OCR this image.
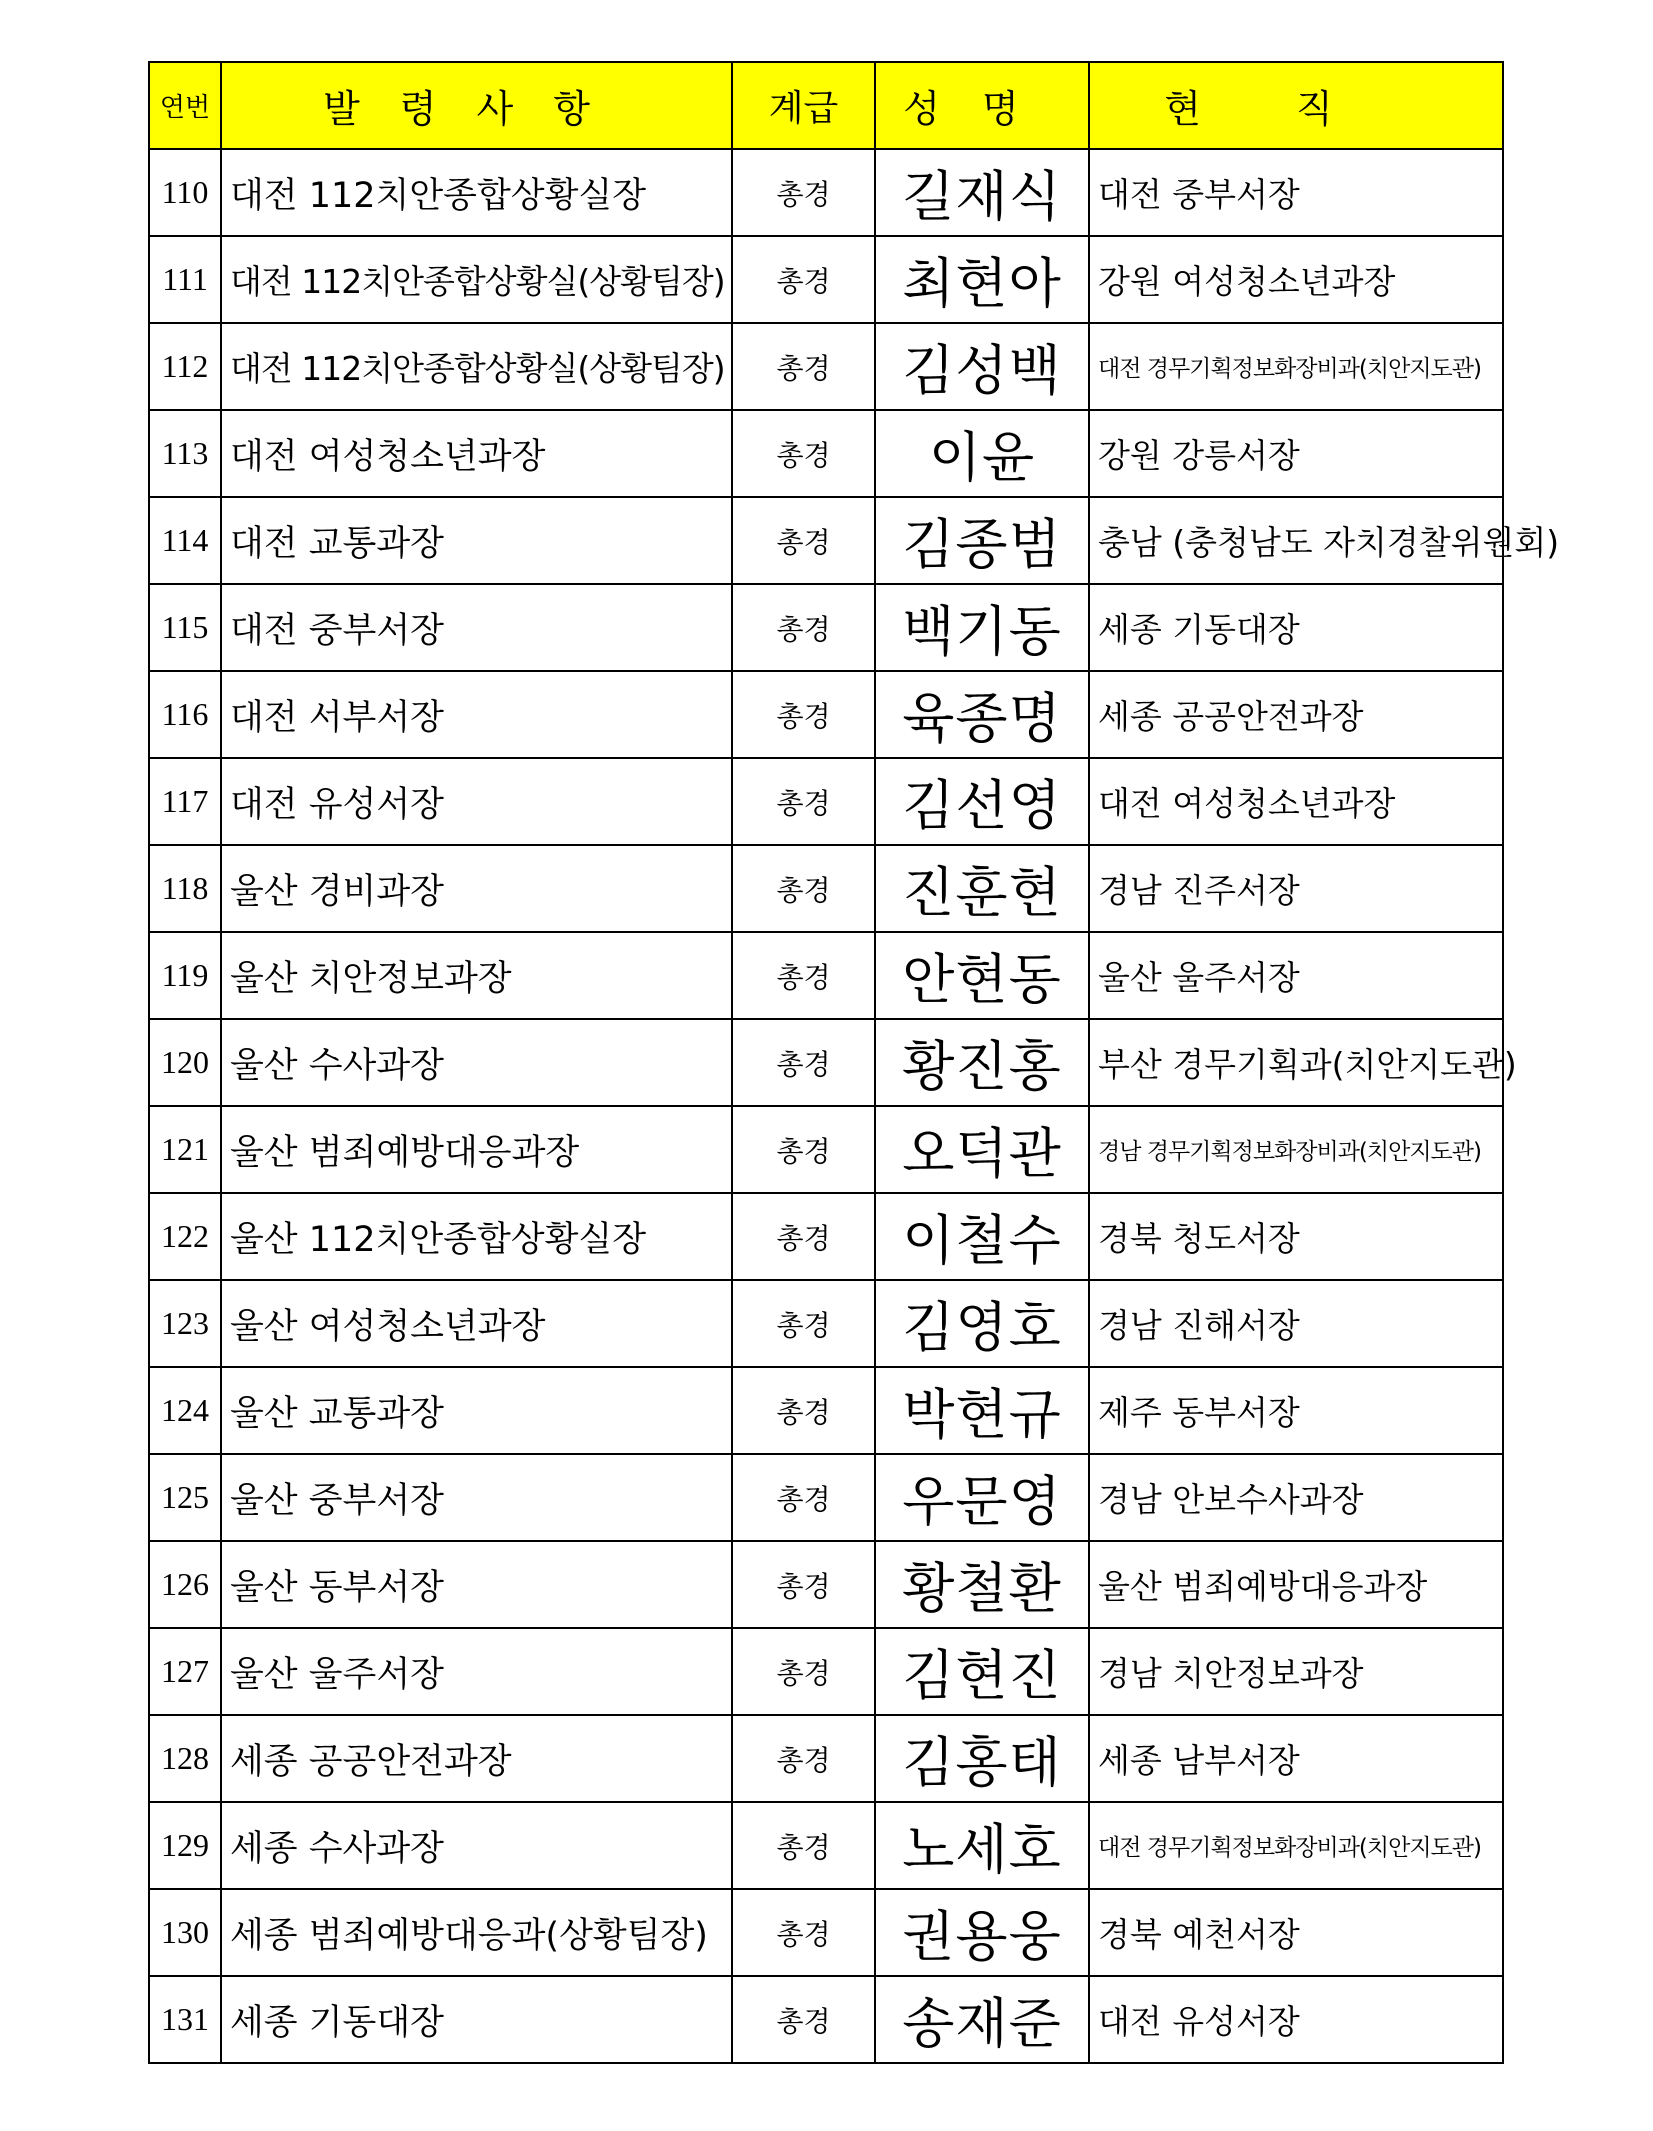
연번	발령사항	계급	성명	현직
110	대전 112치안종합상황실장	총경	길재식	대전 중부서장
111	대전 112치안종합상황실(상황팀장)	총경	최현아	강원 여성청소년과장
112	대전 112치안종합상황실(상황팀장)	총경	김성백	대전 경무기획정보화장비과(치안지도관)
113	대전 여성청소년과장	총경	이윤	강원 강릉서장
114	대전 교통과장	총경	김종범	충남 (충청남도 자치경찰위원회)
115	대전 중부서장	총경	백기동	세종 기동대장
116	대전 서부서장	총경	육종명	세종 공공안전과장
117	대전 유성서장	총경	김선영	대전 여성청소년과장
118	울산 경비과장	총경	진훈현	경남 진주서장
119	울산 치안정보과장	총경	안현동	울산 울주서장
120	울산 수사과장	총경	황진홍	부산 경무기획과(치안지도관)
121	울산 범죄예방대응과장	총경	오덕관	경남 경무기획정보화장비과(치안지도관)
122	울산 112치안종합상황실장	총경	이철수	경북 청도서장
123	울산 여성청소년과장	총경	김영호	경남 진해서장
124	울산 교통과장	총경	박현규	제주 동부서장
125	울산 중부서장	총경	우문영	경남 안보수사과장
126	울산 동부서장	총경	황철환	울산 범죄예방대응과장
127	울산 울주서장	총경	김현진	경남 치안정보과장
128	세종 공공안전과장	총경	김홍태	세종 남부서장
129	세종 수사과장	총경	노세호	대전 경무기획정보화장비과(치안지도관)
130	세종 범죄예방대응과(상황팀장)	총경	권용웅	경북 예천서장
131	세종 기동대장	총경	송재준	대전 유성서장
